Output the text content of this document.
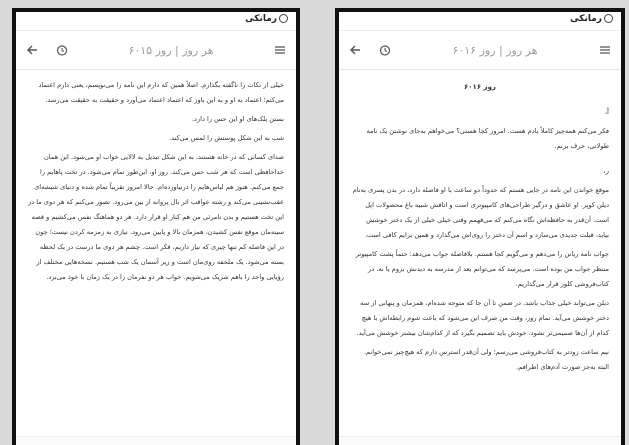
رمانکی
هر روز | روز ۶۰۱۵

خیلی از نکات را ناگفته بگذارم. اصلاً همین که دارم این نامه را می‌نویسم، یعنی دارم اعتماد می‌کنم؛ اعتماد به او و به این باور که اعتماد اعتماد می‌آورد و حقیقت به حقیقت می‌رسد.

بستن پلک‌های او این حس را دارد.

شب به این شکل پوستش را لمس می‌کند.

صدای کسانی که در خانه هستند، به این شکل تبدیل به لالایی خواب او می‌شود. این همان خداحافظی است که هر شب حس می‌کند. روز او، این‌طور تمام می‌شود. در تخت پاهایم را جمع می‌کنم. هنوز هم لباس‌هایم را درنیاورده‌ام. حالا امروز تقریباً تمام شده و دنیای شیشه‌ای عقب‌نشینی می‌کند و رشته عواقب اثر بال پروانه از بین می‌رود. تصور می‌کنم که هر دوی ما در این تخت هستیم و بدن نامرئی من هم کنار او قرار دارد. هر دو هماهنگ نفس می‌کشیم و قصه سینه‌مان موقع نفس کشیدن، همزمان بالا و پایین می‌رود. نیازی به زمزمه کردن نیست؛ چون در این فاصله کم تنها چیزی که نیاز داریم، فکر است. چشم هر دوی ما درست در یک لحظه بسته می‌شود. یک ملحفه روی‌مان است و زیر آسمان یک شب هستیم. نسخه‌هایی مختلف از رؤیایی واحد را باهم شریک می‌شویم. خواب هر دو نفرمان را در یک زمان با خود می‌برد.

رمانکی
هر روز | روز ۶۰۱۶
روز ۶۰۱۶
آ،

فکر می‌کنم همه‌چیز کاملاً یادم هست. امروز کجا هستی؟ می‌خواهم به‌جای نوشتن یک نامه طولانی، حرف بزنم.

ر،

موقع خواندن این نامه در جایی هستم که حدوداً دو ساعت با او فاصله دارد، در بدن پسری به‌نام دیلن کوپر. او عاشق و درگیر طراحی‌های کامپیوتری است و اتاقش شبیه باغ محصولات اپل است. آن‌قدر به حافظه‌اش نگاه می‌کنم که می‌فهمم وقتی خیلی خیلی از یک دختر خوشش بیاید، قبلت جدیدی می‌سازد و اسم آن دختر را روی‌اش می‌گذارد و همین برایم کافی است.

جواب نامه ریانن را می‌دهم و می‌گویم کجا هستم. بلافاصله جواب می‌دهد: حتماً پشت کامپیوتر منتظر جواب من بوده است. می‌پرسد که می‌توانم بعد از مدرسه به دیدنش بروم یا نه. در کتاب‌فروشی کلور قرار می‌گذاریم.

دیلن می‌تواند خیلی جذاب باشد. در ضمن تا آن جا که متوجه شده‌ام، همزمان و پنهانی از سه دختر خوشش می‌آید. تمام روز، وقت من صرف این می‌شود که باعث شوم رابطه‌اش با هیچ کدام از آن‌ها صمیمی‌تر نشود. خودش باید تصمیم بگیرد که از کدام‌شان بیشتر خوشش می‌آید.

نیم ساعت زودتر به کتاب‌فروشی می‌رسم؛ ولی آن‌قدر استرس دارم که هیچ‌چیز نمی‌خوانم. البته به‌جز صورت آدم‌های اطرافم.
